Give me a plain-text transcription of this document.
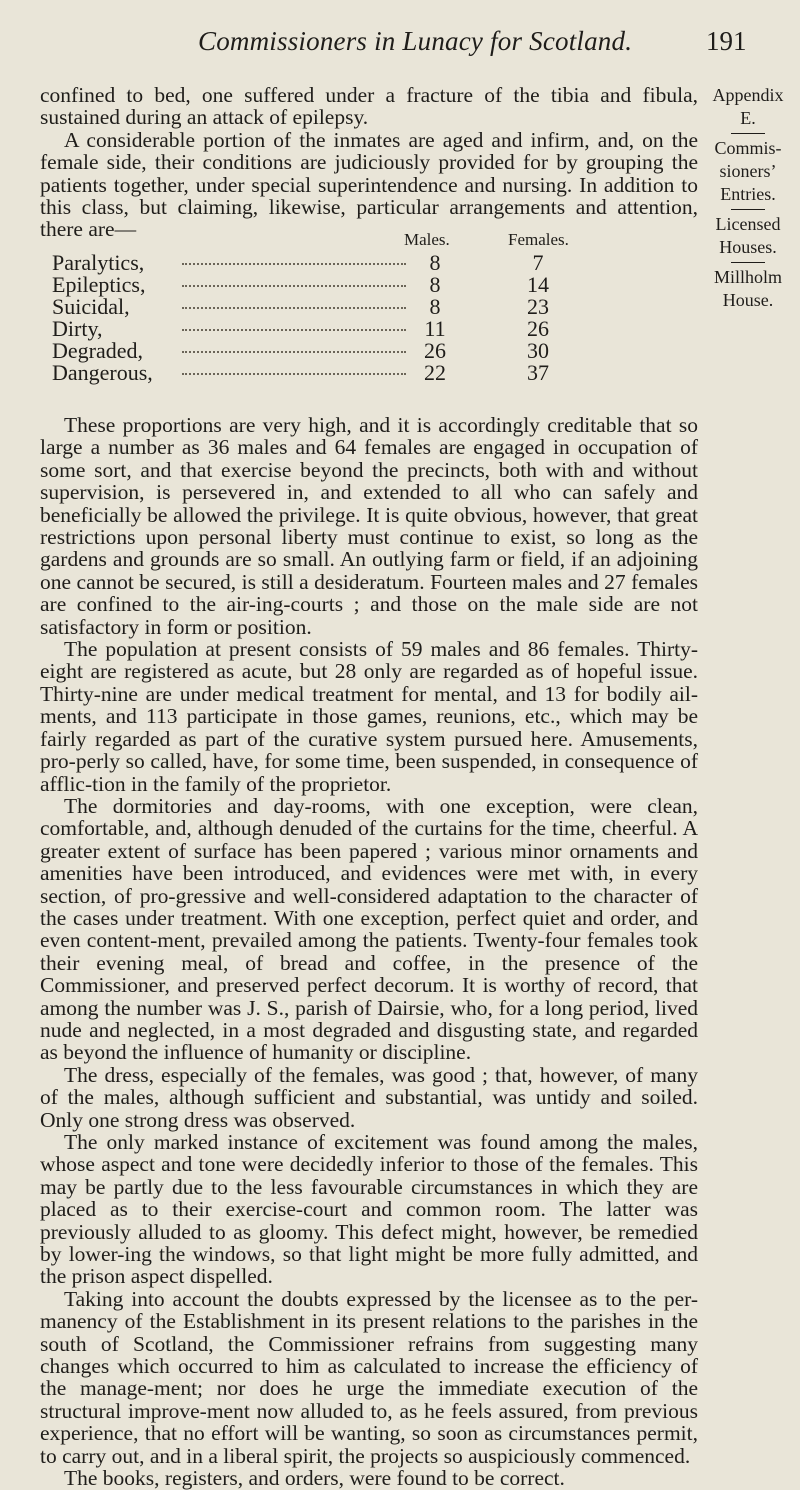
Commissioners in Lunacy for Scotland.	191
Appendix
E.
Commis-
sioners’
Entries.
Licensed
Houses.
Millholm
House.

confined to bed, one suffered under a fracture of the tibia and fibula, sustained during an attack of epilepsy.

A considerable portion of the inmates are aged and infirm, and, on the female side, their conditions are judiciously provided for by grouping the patients together, under special superintendence and nursing. In addition to this class, but claiming, likewise, particular arrangements and attention, there are—	Males.	Females.
Paralytics,	8	7
Epileptics,	8	14
Suicidal,	8	23
Dirty,	11	26
Degraded,	26	30
Dangerous,	22	37

These proportions are very high, and it is accordingly creditable that so large a number as 36 males and 64 females are engaged in occupation of some sort, and that exercise beyond the precincts, both with and without supervision, is persevered in, and extended to all who can safely and beneficially be allowed the privilege. It is quite obvious, however, that great restrictions upon personal liberty must continue to exist, so long as the gardens and grounds are so small. An outlying farm or field, if an adjoining one cannot be secured, is still a desideratum. Fourteen males and 27 females are confined to the air-ing-courts ; and those on the male side are not satisfactory in form or position.

The population at present consists of 59 males and 86 females. Thirty-eight are registered as acute, but 28 only are regarded as of hopeful issue. Thirty-nine are under medical treatment for mental, and 13 for bodily ail-ments, and 113 participate in those games, reunions, etc., which may be fairly regarded as part of the curative system pursued here. Amusements, pro-perly so called, have, for some time, been suspended, in consequence of afflic-tion in the family of the proprietor.

The dormitories and day-rooms, with one exception, were clean, comfortable, and, although denuded of the curtains for the time, cheerful. A greater extent of surface has been papered ; various minor ornaments and amenities have been introduced, and evidences were met with, in every section, of pro-gressive and well-considered adaptation to the character of the cases under treatment. With one exception, perfect quiet and order, and even content-ment, prevailed among the patients. Twenty-four females took their evening meal, of bread and coffee, in the presence of the Commissioner, and preserved perfect decorum. It is worthy of record, that among the number was J. S., parish of Dairsie, who, for a long period, lived nude and neglected, in a most degraded and disgusting state, and regarded as beyond the influence of humanity or discipline.

The dress, especially of the females, was good ; that, however, of many of the males, although sufficient and substantial, was untidy and soiled. Only one strong dress was observed.

The only marked instance of excitement was found among the males, whose aspect and tone were decidedly inferior to those of the females. This may be partly due to the less favourable circumstances in which they are placed as to their exercise-court and common room. The latter was previously alluded to as gloomy. This defect might, however, be remedied by lower-ing the windows, so that light might be more fully admitted, and the prison aspect dispelled.

Taking into account the doubts expressed by the licensee as to the per-manency of the Establishment in its present relations to the parishes in the south of Scotland, the Commissioner refrains from suggesting many changes which occurred to him as calculated to increase the efficiency of the manage-ment; nor does he urge the immediate execution of the structural improve-ment now alluded to, as he feels assured, from previous experience, that no effort will be wanting, so soon as circumstances permit, to carry out, and in a liberal spirit, the projects so auspiciously commenced.

The books, registers, and orders, were found to be correct.
